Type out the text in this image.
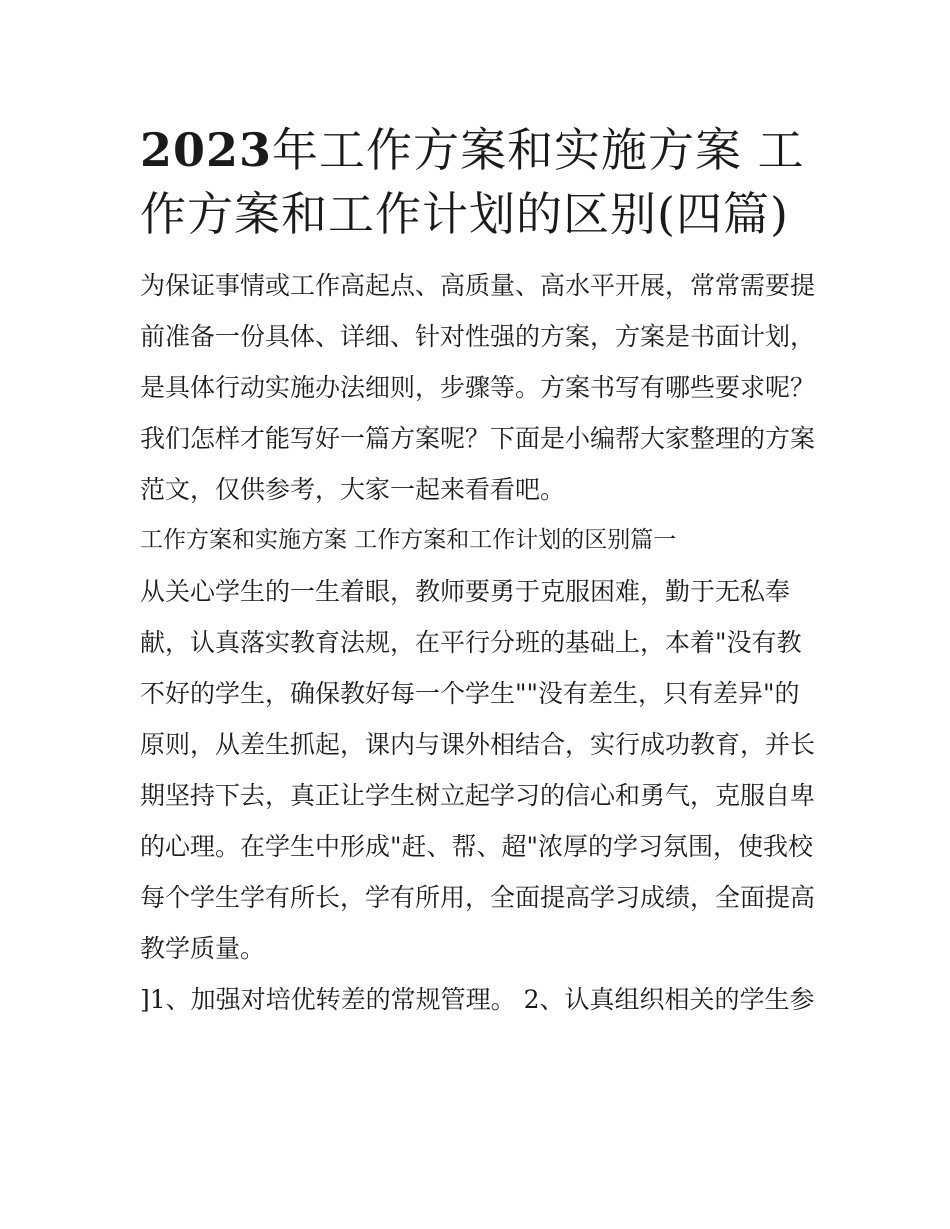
2023年工作方案和实施方案 工作方案和工作计划的区别(四篇)

为保证事情或工作高起点、高质量、高水平开展，常常需要提

前准备一份具体、详细、针对性强的方案，方案是书面计划，

是具体行动实施办法细则，步骤等。方案书写有哪些要求呢？

我们怎样才能写好一篇方案呢？下面是小编帮大家整理的方案

范文，仅供参考，大家一起来看看吧。

工作方案和实施方案 工作方案和工作计划的区别篇一

从关心学生的一生着眼，教师要勇于克服困难，勤于无私奉

献，认真落实教育法规，在平行分班的基础上，本着"没有教

不好的学生，确保教好每一个学生""没有差生，只有差异"的

原则，从差生抓起，课内与课外相结合，实行成功教育，并长

期坚持下去，真正让学生树立起学习的信心和勇气，克服自卑

的心理。在学生中形成"赶、帮、超"浓厚的学习氛围，使我校

每个学生学有所长，学有所用，全面提高学习成绩，全面提高

教学质量。

]1、加强对培优转差的常规管理。 2、认真组织相关的学生参
